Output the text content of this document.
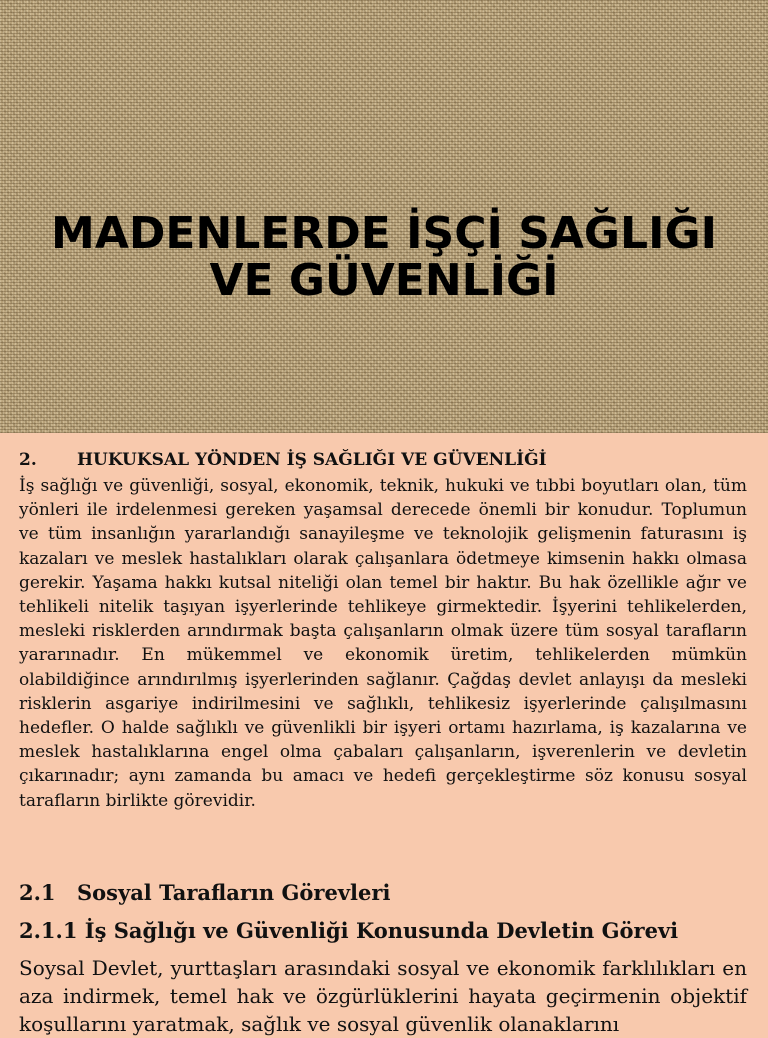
MADENLERDE İŞÇİ SAĞLIĞI
VE GÜVENLİĞİ
2. HUKUKSAL YÖNDEN İŞ SAĞLIĞI VE GÜVENLİĞİ

İş sağlığı ve güvenliği, sosyal, ekonomik, teknik, hukuki ve tıbbi boyutları olan, tüm yönleri ile irdelenmesi gereken yaşamsal derecede önemli bir konudur. Toplumun ve tüm insanlığın yararlandığı sanayileşme ve teknolojik gelişmenin faturasını iş kazaları ve meslek hastalıkları olarak çalışanlara ödetmeye kimsenin hakkı olmasa gerekir. Yaşama hakkı kutsal niteliği olan temel bir haktır. Bu hak özellikle ağır ve tehlikeli nitelik taşıyan işyerlerinde tehlikeye girmektedir. İşyerini tehlikelerden, mesleki risklerden arındırmak başta çalışanların olmak üzere tüm sosyal tarafların yararınadır. En mükemmel ve ekonomik üretim, tehlikelerden mümkün olabildiğince arındırılmış işyerlerinden sağlanır. Çağdaş devlet anlayışı da mesleki risklerin asgariye indirilmesini ve sağlıklı, tehlikesiz işyerlerinde çalışılmasını hedefler. O halde sağlıklı ve güvenlikli bir işyeri ortamı hazırlama, iş kazalarına ve meslek hastalıklarına engel olma çabaları çalışanların, işverenlerin ve devletin çıkarınadır; aynı zamanda bu amacı ve hedefi gerçekleştirme söz konusu sosyal tarafların birlikte görevidir.

2.1 Sosyal Tarafların Görevleri
2.1.1 İş Sağlığı ve Güvenliği Konusunda Devletin Görevi

Soysal Devlet, yurttaşları arasındaki sosyal ve ekonomik farklılıkları en aza indirmek, temel hak ve özgürlüklerini hayata geçirmenin objektif koşullarını yaratmak, sağlık ve sosyal güvenlik olanaklarını
